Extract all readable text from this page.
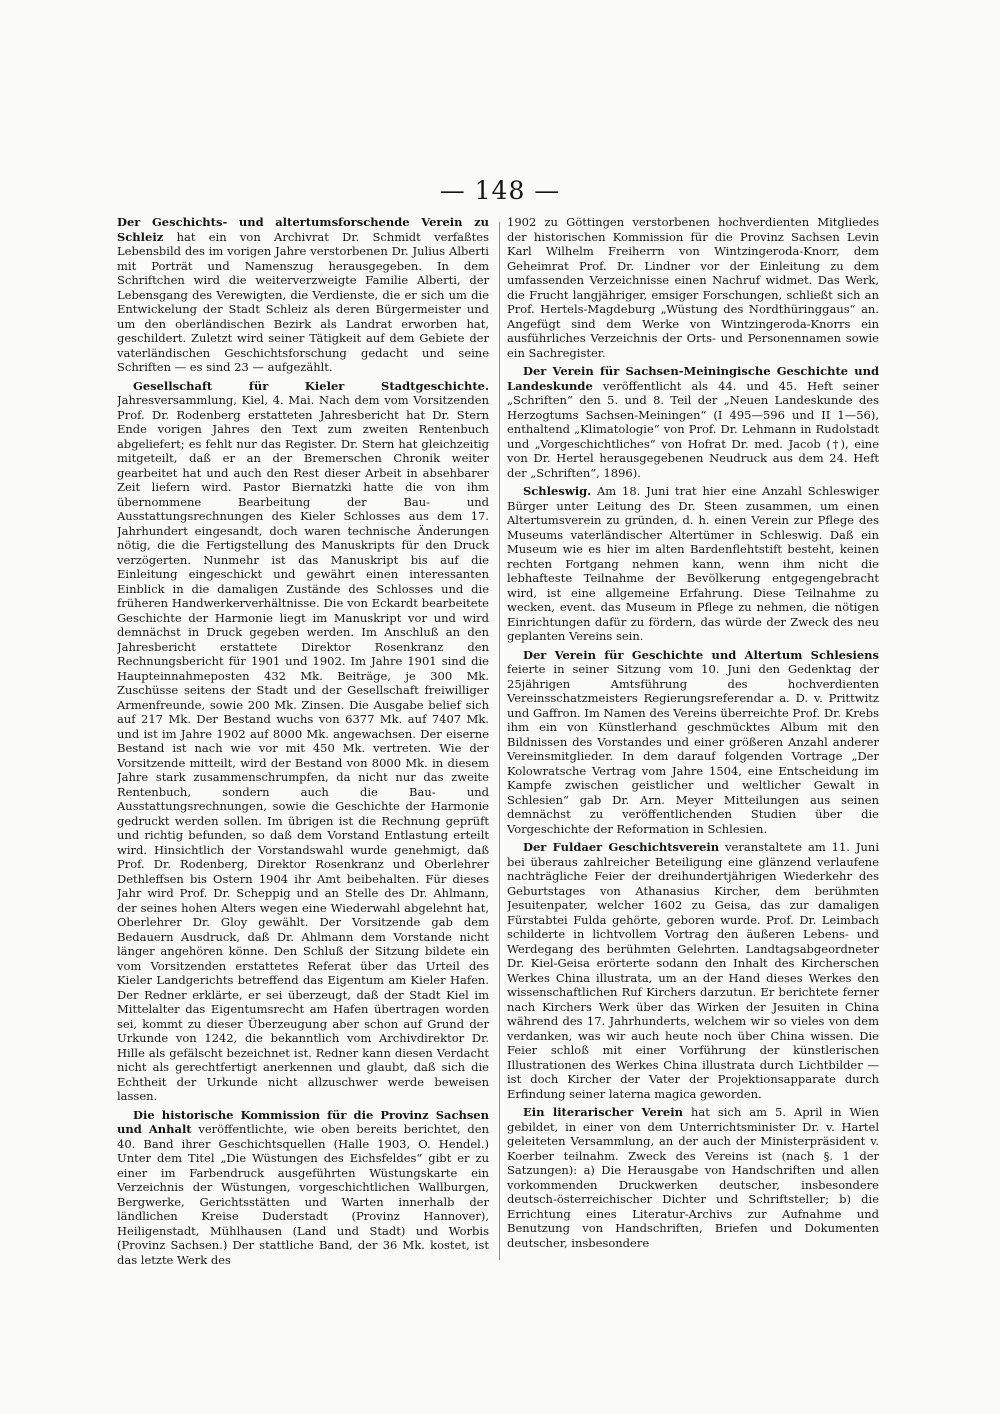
— 148 —

Der Geschichts- und altertumsforschende Verein zu Schleiz hat ein von Archivrat Dr. Schmidt verfaßtes Lebensbild des im vorigen Jahre verstorbenen Dr. Julius Alberti mit Porträt und Namenszug herausgegeben. In dem Schriftchen wird die weiterverzweigte Familie Alberti, der Lebensgang des Verewigten, die Verdienste, die er sich um die Entwickelung der Stadt Schleiz als deren Bürgermeister und um den oberländischen Bezirk als Landrat erworben hat, geschildert. Zuletzt wird seiner Tätigkeit auf dem Gebiete der vaterländischen Geschichtsforschung gedacht und seine Schriften — es sind 23 — aufgezählt.

Gesellschaft für Kieler Stadtgeschichte. Jahresversammlung, Kiel, 4. Mai. Nach dem vom Vorsitzenden Prof. Dr. Rodenberg erstatteten Jahresbericht hat Dr. Stern Ende vorigen Jahres den Text zum zweiten Rentenbuch abgeliefert; es fehlt nur das Register. Dr. Stern hat gleichzeitig mitgeteilt, daß er an der Bremerschen Chronik weiter gearbeitet hat und auch den Rest dieser Arbeit in absehbarer Zeit liefern wird. Pastor Biernatzki hatte die von ihm übernommene Bearbeitung der Bau- und Ausstattungsrechnungen des Kieler Schlosses aus dem 17. Jahrhundert eingesandt, doch waren technische Änderungen nötig, die die Fertigstellung des Manuskripts für den Druck verzögerten. Nunmehr ist das Manuskript bis auf die Einleitung eingeschickt und gewährt einen interessanten Einblick in die damaligen Zustände des Schlosses und die früheren Handwerkerverhältnisse. Die von Eckardt bearbeitete Geschichte der Harmonie liegt im Manuskript vor und wird demnächst in Druck gegeben werden. Im Anschluß an den Jahresbericht erstattete Direktor Rosenkranz den Rechnungsbericht für 1901 und 1902. Im Jahre 1901 sind die Haupteinnahmeposten 432 Mk. Beiträge, je 300 Mk. Zuschüsse seitens der Stadt und der Gesellschaft freiwilliger Armenfreunde, sowie 200 Mk. Zinsen. Die Ausgabe belief sich auf 217 Mk. Der Bestand wuchs von 6377 Mk. auf 7407 Mk. und ist im Jahre 1902 auf 8000 Mk. angewachsen. Der eiserne Bestand ist nach wie vor mit 450 Mk. vertreten. Wie der Vorsitzende mitteilt, wird der Bestand von 8000 Mk. in diesem Jahre stark zusammenschrumpfen, da nicht nur das zweite Rentenbuch, sondern auch die Bau- und Ausstattungsrechnungen, sowie die Geschichte der Harmonie gedruckt werden sollen. Im übrigen ist die Rechnung geprüft und richtig befunden, so daß dem Vorstand Entlastung erteilt wird. Hinsichtlich der Vorstandswahl wurde genehmigt, daß Prof. Dr. Rodenberg, Direktor Rosenkranz und Oberlehrer Dethleffsen bis Ostern 1904 ihr Amt beibehalten. Für dieses Jahr wird Prof. Dr. Scheppig und an Stelle des Dr. Ahlmann, der seines hohen Alters wegen eine Wiederwahl abgelehnt hat, Oberlehrer Dr. Gloy gewählt. Der Vorsitzende gab dem Bedauern Ausdruck, daß Dr. Ahlmann dem Vorstande nicht länger angehören könne. Den Schluß der Sitzung bildete ein vom Vorsitzenden erstattetes Referat über das Urteil des Kieler Landgerichts betreffend das Eigentum am Kieler Hafen. Der Redner erklärte, er sei überzeugt, daß der Stadt Kiel im Mittelalter das Eigentumsrecht am Hafen übertragen worden sei, kommt zu dieser Überzeugung aber schon auf Grund der Urkunde von 1242, die bekanntlich vom Archivdirektor Dr. Hille als gefälscht bezeichnet ist. Redner kann diesen Verdacht nicht als gerechtfertigt anerkennen und glaubt, daß sich die Echtheit der Urkunde nicht allzuschwer werde beweisen lassen.

Die historische Kommission für die Provinz Sachsen und Anhalt veröffentlichte, wie oben bereits berichtet, den 40. Band ihrer Geschichtsquellen (Halle 1903, O. Hendel.) Unter dem Titel „Die Wüstungen des Eichsfeldes“ gibt er zu einer im Farbendruck ausgeführten Wüstungskarte ein Verzeichnis der Wüstungen, vorgeschichtlichen Wallburgen, Bergwerke, Gerichtsstätten und Warten innerhalb der ländlichen Kreise Duderstadt (Provinz Hannover), Heiligenstadt, Mühlhausen (Land und Stadt) und Worbis (Provinz Sachsen.) Der stattliche Band, der 36 Mk. kostet, ist das letzte Werk des

1902 zu Göttingen verstorbenen hochverdienten Mitgliedes der historischen Kommission für die Provinz Sachsen Levin Karl Wilhelm Freiherrn von Wintzingeroda-Knorr, dem Geheimrat Prof. Dr. Lindner vor der Einleitung zu dem umfassenden Verzeichnisse einen Nachruf widmet. Das Werk, die Frucht langjähriger, emsiger Forschungen, schließt sich an Prof. Hertels-Magdeburg „Wüstung des Nordthüringgaus“ an. Angefügt sind dem Werke von Wintzingeroda-Knorrs ein ausführliches Verzeichnis der Orts- und Personennamen sowie ein Sachregister.

Der Verein für Sachsen-Meiningische Geschichte und Landeskunde veröffentlicht als 44. und 45. Heft seiner „Schriften“ den 5. und 8. Teil der „Neuen Landeskunde des Herzogtums Sachsen-Meiningen“ (I 495—596 und II 1—56), enthaltend „Klimatologie“ von Prof. Dr. Lehmann in Rudolstadt und „Vorgeschichtliches“ von Hofrat Dr. med. Jacob (†), eine von Dr. Hertel herausgegebenen Neudruck aus dem 24. Heft der „Schriften“, 1896).

Schleswig. Am 18. Juni trat hier eine Anzahl Schleswiger Bürger unter Leitung des Dr. Steen zusammen, um einen Altertumsverein zu gründen, d. h. einen Verein zur Pflege des Museums vaterländischer Altertümer in Schleswig. Daß ein Museum wie es hier im alten Bardenflehtstift besteht, keinen rechten Fortgang nehmen kann, wenn ihm nicht die lebhafteste Teilnahme der Bevölkerung entgegengebracht wird, ist eine allgemeine Erfahrung. Diese Teilnahme zu wecken, event. das Museum in Pflege zu nehmen, die nötigen Einrichtungen dafür zu fördern, das würde der Zweck des neu geplanten Vereins sein.

Der Verein für Geschichte und Altertum Schlesiens feierte in seiner Sitzung vom 10. Juni den Gedenktag der 25jährigen Amtsführung des hochverdienten Vereinsschatzmeisters Regierungsreferendar a. D. v. Prittwitz und Gaffron. Im Namen des Vereins überreichte Prof. Dr. Krebs ihm ein von Künstlerhand geschmücktes Album mit den Bildnissen des Vorstandes und einer größeren Anzahl anderer Vereinsmitglieder. In dem darauf folgenden Vortrage „Der Kolowratsche Vertrag vom Jahre 1504, eine Entscheidung im Kampfe zwischen geistlicher und weltlicher Gewalt in Schlesien“ gab Dr. Arn. Meyer Mitteilungen aus seinen demnächst zu veröffentlichenden Studien über die Vorgeschichte der Reformation in Schlesien.

Der Fuldaer Geschichtsverein veranstaltete am 11. Juni bei überaus zahlreicher Beteiligung eine glänzend verlaufene nachträgliche Feier der dreihundertjährigen Wiederkehr des Geburtstages von Athanasius Kircher, dem berühmten Jesuitenpater, welcher 1602 zu Geisa, das zur damaligen Fürstabtei Fulda gehörte, geboren wurde. Prof. Dr. Leimbach schilderte in lichtvollem Vortrag den äußeren Lebens- und Werdegang des berühmten Gelehrten. Landtagsabgeordneter Dr. Kiel-Geisa erörterte sodann den Inhalt des Kircherschen Werkes China illustrata, um an der Hand dieses Werkes den wissenschaftlichen Ruf Kirchers darzutun. Er berichtete ferner nach Kirchers Werk über das Wirken der Jesuiten in China während des 17. Jahrhunderts, welchem wir so vieles von dem verdanken, was wir auch heute noch über China wissen. Die Feier schloß mit einer Vorführung der künstlerischen Illustrationen des Werkes China illustrata durch Lichtbilder — ist doch Kircher der Vater der Projektionsapparate durch Erfindung seiner laterna magica geworden.

Ein literarischer Verein hat sich am 5. April in Wien gebildet, in einer von dem Unterrichtsminister Dr. v. Hartel geleiteten Versammlung, an der auch der Ministerpräsident v. Koerber teilnahm. Zweck des Vereins ist (nach §. 1 der Satzungen): a) Die Herausgabe von Handschriften und allen vorkommenden Druckwerken deutscher, insbesondere deutsch-österreichischer Dichter und Schriftsteller; b) die Errichtung eines Literatur-Archivs zur Aufnahme und Benutzung von Handschriften, Briefen und Dokumenten deutscher, insbesondere
